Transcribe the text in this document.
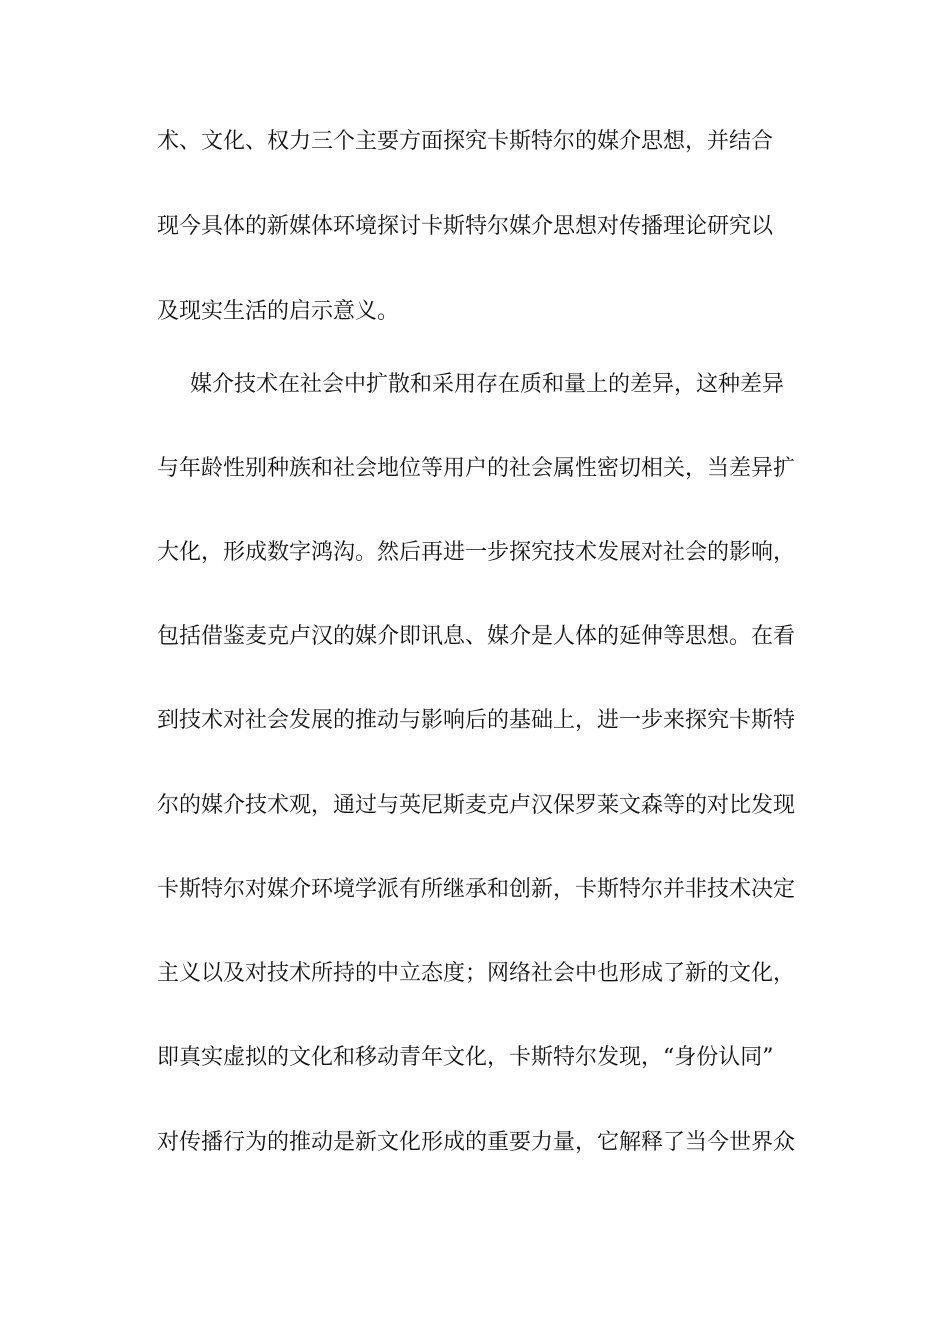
术、文化、权力三个主要方面探究卡斯特尔的媒介思想，并结合
现今具体的新媒体环境探讨卡斯特尔媒介思想对传播理论研究以
及现实生活的启示意义。
媒介技术在社会中扩散和采用存在质和量上的差异，这种差异
与年龄性别种族和社会地位等用户的社会属性密切相关，当差异扩
大化，形成数字鸿沟。然后再进一步探究技术发展对社会的影响，
包括借鉴麦克卢汉的媒介即讯息、媒介是人体的延伸等思想。在看
到技术对社会发展的推动与影响后的基础上，进一步来探究卡斯特
尔的媒介技术观，通过与英尼斯麦克卢汉保罗莱文森等的对比发现
卡斯特尔对媒介环境学派有所继承和创新，卡斯特尔并非技术决定
主义以及对技术所持的中立态度；网络社会中也形成了新的文化，
即真实虚拟的文化和移动青年文化，卡斯特尔发现，“身份认同”
对传播行为的推动是新文化形成的重要力量，它解释了当今世界众
